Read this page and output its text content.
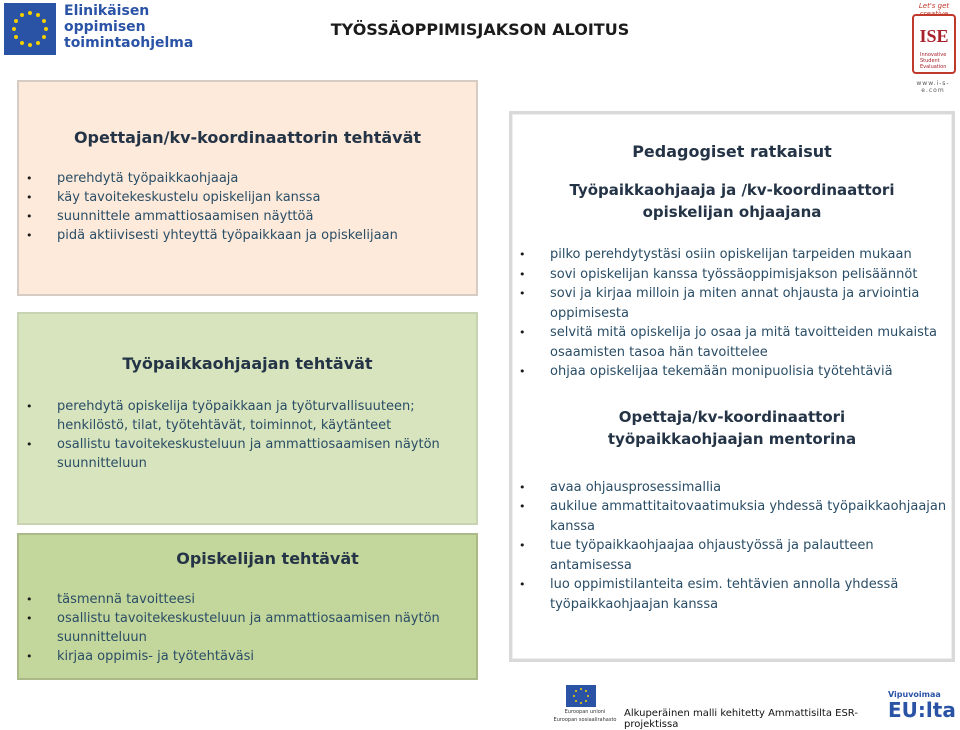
Elinikäisen
oppimisen
toimintaohjelma
TYÖSSÄOPPIMISJAKSON ALOITUS
Let's get creative
ISE
Innovative Student Evaluation
www.i-s-e.com
Opettajan/kv-koordinaattorin tehtävät
• perehdytä työpaikkaohjaaja
• käy tavoitekeskustelu opiskelijan kanssa
• suunnittele ammattiosaamisen näyttöä
• pidä aktiivisesti yhteyttä työpaikkaan ja opiskelijaan
Työpaikkaohjaajan tehtävät
• perehdytä opiskelija työpaikkaan ja työturvallisuuteen; henkilöstö, tilat, työtehtävät, toiminnot, käytänteet
• osallistu tavoitekeskusteluun ja ammattiosaamisen näytön suunnitteluun
Opiskelijan tehtävät
• täsmennä tavoitteesi
• osallistu tavoitekeskusteluun ja ammattiosaamisen näytön suunnitteluun
• kirjaa oppimis- ja työtehtäväsi
Pedagogiset ratkaisut
Työpaikkaohjaaja ja /kv-koordinaattori opiskelijan ohjaajana
• pilko perehdytystäsi osiin opiskelijan tarpeiden mukaan
• sovi opiskelijan kanssa työssäoppimisjakson pelisäännöt
• sovi ja kirjaa milloin ja miten annat ohjausta ja arviointia oppimisesta
• selvitä mitä opiskelija jo osaa ja mitä tavoitteiden mukaista osaamisten tasoa hän tavoittelee
• ohjaa opiskelijaa tekemään monipuolisia työtehtäviä
Opettaja/kv-koordinaattori työpaikkaohjaajan mentorina
• avaa ohjausprosessimallia
• aukilue ammattitaitovaatimuksia yhdessä työpaikkaohjaajan kanssa
• tue työpaikkaohjaajaa ohjaustyössä ja palautteen antamisessa
• luo oppimistilanteita esim. tehtävien annolla yhdessä työpaikkaohjaajan kanssa
Euroopan unioni
Euroopan sosiaalirahasto
Alkuperäinen malli kehitetty Ammattisilta ESR-projektissa
Vipuvoimaa
EU:lta
